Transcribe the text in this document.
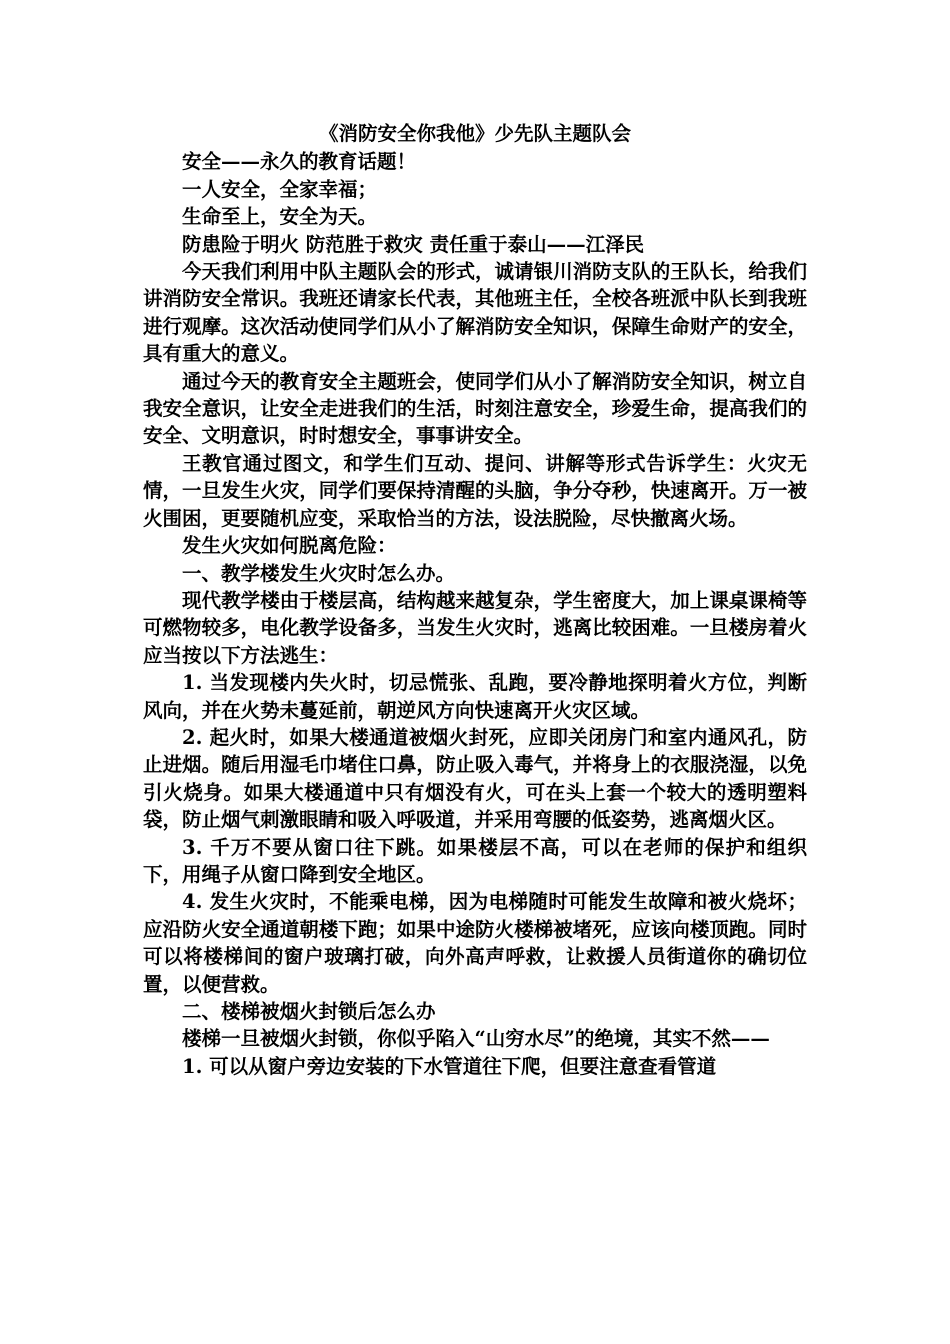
《消防安全你我他》少先队主题队会

安全——永久的教育话题！

一人安全，全家幸福；

生命至上，安全为天。

防患险于明火 防范胜于救灾 责任重于泰山——江泽民

今天我们利用中队主题队会的形式，诚请银川消防支队的王队长，给我们讲消防安全常识。我班还请家长代表，其他班主任，全校各班派中队长到我班进行观摩。这次活动使同学们从小了解消防安全知识，保障生命财产的安全，具有重大的意义。

通过今天的教育安全主题班会，使同学们从小了解消防安全知识，树立自我安全意识，让安全走进我们的生活，时刻注意安全，珍爱生命，提高我们的安全、文明意识，时时想安全，事事讲安全。

王教官通过图文，和学生们互动、提问、讲解等形式告诉学生：火灾无情，一旦发生火灾，同学们要保持清醒的头脑，争分夺秒，快速离开。万一被火围困，更要随机应变，采取恰当的方法，设法脱险，尽快撤离火场。

发生火灾如何脱离危险：

一、教学楼发生火灾时怎么办。

现代教学楼由于楼层高，结构越来越复杂，学生密度大，加上课桌课椅等可燃物较多，电化教学设备多，当发生火灾时，逃离比较困难。一旦楼房着火应当按以下方法逃生：

1. 当发现楼内失火时，切忌慌张、乱跑，要冷静地探明着火方位，判断风向，并在火势未蔓延前，朝逆风方向快速离开火灾区域。

2. 起火时，如果大楼通道被烟火封死，应即关闭房门和室内通风孔，防止进烟。随后用湿毛巾堵住口鼻，防止吸入毒气，并将身上的衣服浇湿，以免引火烧身。如果大楼通道中只有烟没有火，可在头上套一个较大的透明塑料袋，防止烟气刺激眼睛和吸入呼吸道，并采用弯腰的低姿势，逃离烟火区。

3. 千万不要从窗口往下跳。如果楼层不高，可以在老师的保护和组织下，用绳子从窗口降到安全地区。

4. 发生火灾时，不能乘电梯，因为电梯随时可能发生故障和被火烧坏；应沿防火安全通道朝楼下跑；如果中途防火楼梯被堵死，应该向楼顶跑。同时可以将楼梯间的窗户玻璃打破，向外高声呼救，让救援人员街道你的确切位置，以便营救。

二、楼梯被烟火封锁后怎么办

楼梯一旦被烟火封锁，你似乎陷入“山穷水尽”的绝境，其实不然——

1. 可以从窗户旁边安装的下水管道往下爬，但要注意查看管道
